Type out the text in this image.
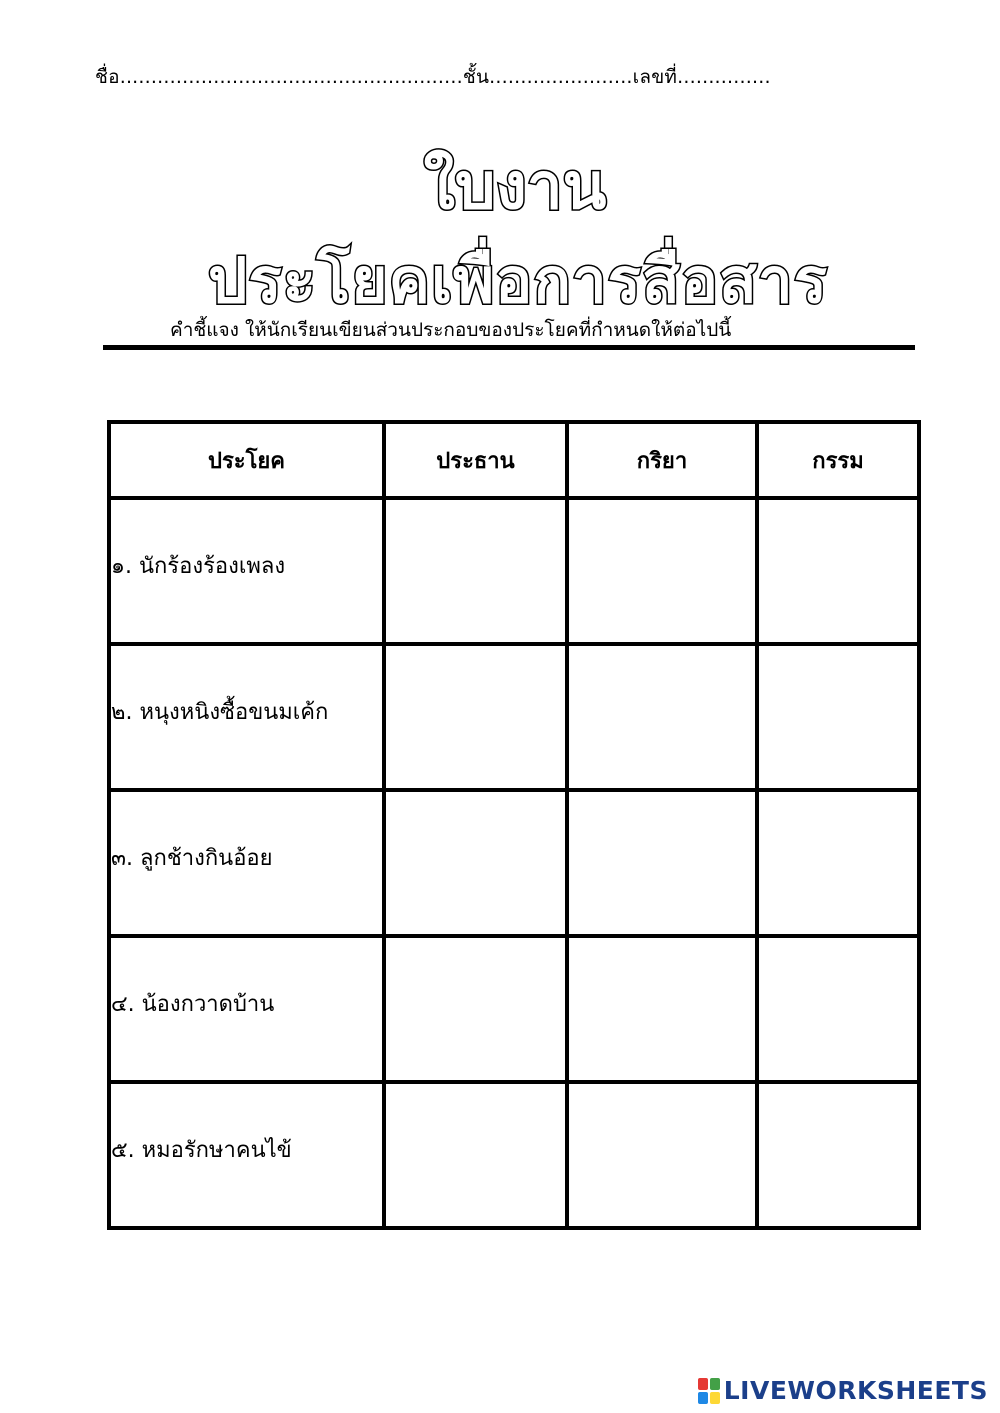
ชื่อ.......................................................ชั้น.......................เลขที่...............
ใบงาน
ประโยคเพื่อการสื่อสาร
คำชี้แจง ให้นักเรียนเขียนส่วนประกอบของประโยคที่กำหนดให้ต่อไปนี้
ประโยค	ประธาน	กริยา	กรรม
๑. นักร้องร้องเพลง			
๒. หนุงหนิงซื้อขนมเค้ก			
๓. ลูกช้างกินอ้อย			
๔. น้องกวาดบ้าน			
๕. หมอรักษาคนไข้			
LIVEWORKSHEETS
